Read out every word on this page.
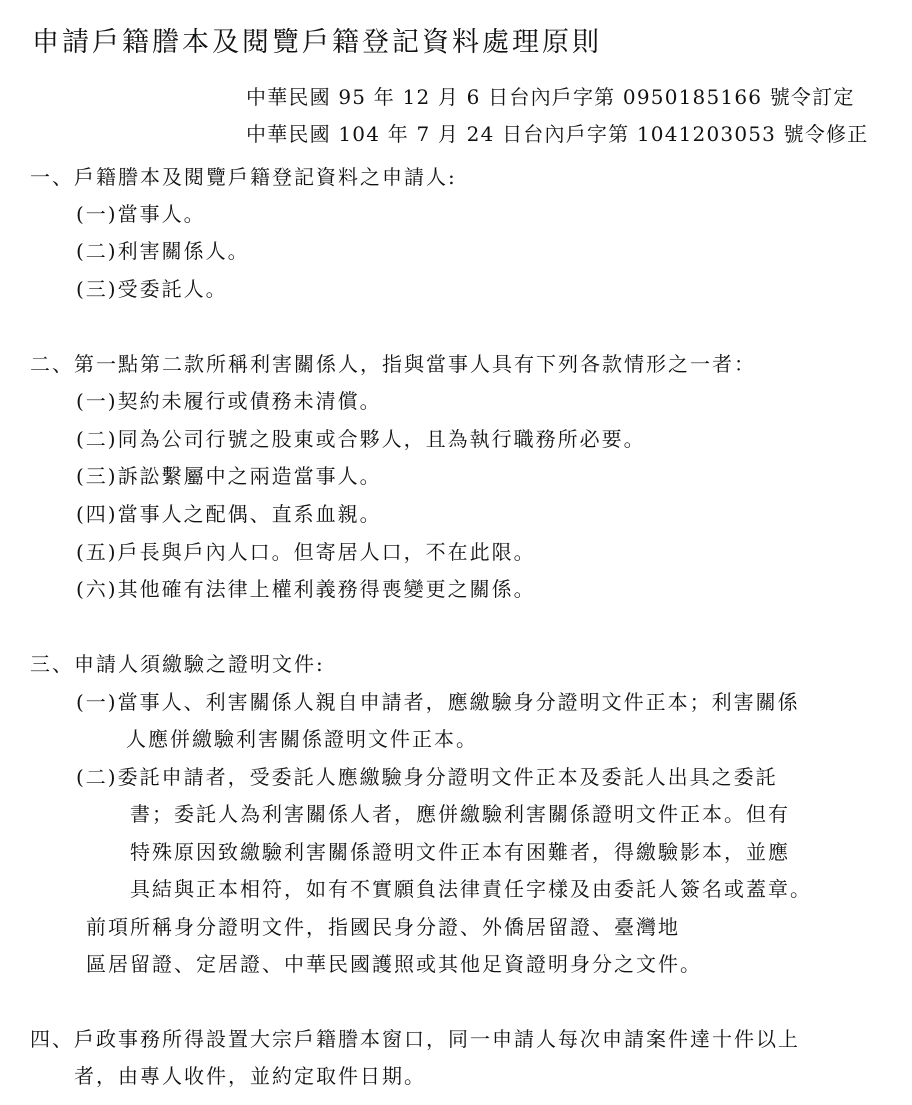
申請戶籍謄本及閱覽戶籍登記資料處理原則
中華民國 95 年 12 月 6 日台內戶字第 0950185166 號令訂定
中華民國 104 年 7 月 24 日台內戶字第 1041203053 號令修正
一、戶籍謄本及閱覽戶籍登記資料之申請人:
(一)當事人。
(二)利害關係人。
(三)受委託人。
二、第一點第二款所稱利害關係人，指與當事人具有下列各款情形之一者：
(一)契約未履行或債務未清償。
(二)同為公司行號之股東或合夥人，且為執行職務所必要。
(三)訴訟繫屬中之兩造當事人。
(四)當事人之配偶、直系血親。
(五)戶長與戶內人口。但寄居人口，不在此限。
(六)其他確有法律上權利義務得喪變更之關係。
三、申請人須繳驗之證明文件:
(一)當事人、利害關係人親自申請者，應繳驗身分證明文件正本；利害關係
人應併繳驗利害關係證明文件正本。
(二)委託申請者，受委託人應繳驗身分證明文件正本及委託人出具之委託
書；委託人為利害關係人者，應併繳驗利害關係證明文件正本。但有
特殊原因致繳驗利害關係證明文件正本有困難者，得繳驗影本，並應
具結與正本相符，如有不實願負法律責任字樣及由委託人簽名或蓋章。
前項所稱身分證明文件，指國民身分證、外僑居留證、臺灣地
區居留證、定居證、中華民國護照或其他足資證明身分之文件。
四、戶政事務所得設置大宗戶籍謄本窗口，同一申請人每次申請案件達十件以上
者，由專人收件，並約定取件日期。
